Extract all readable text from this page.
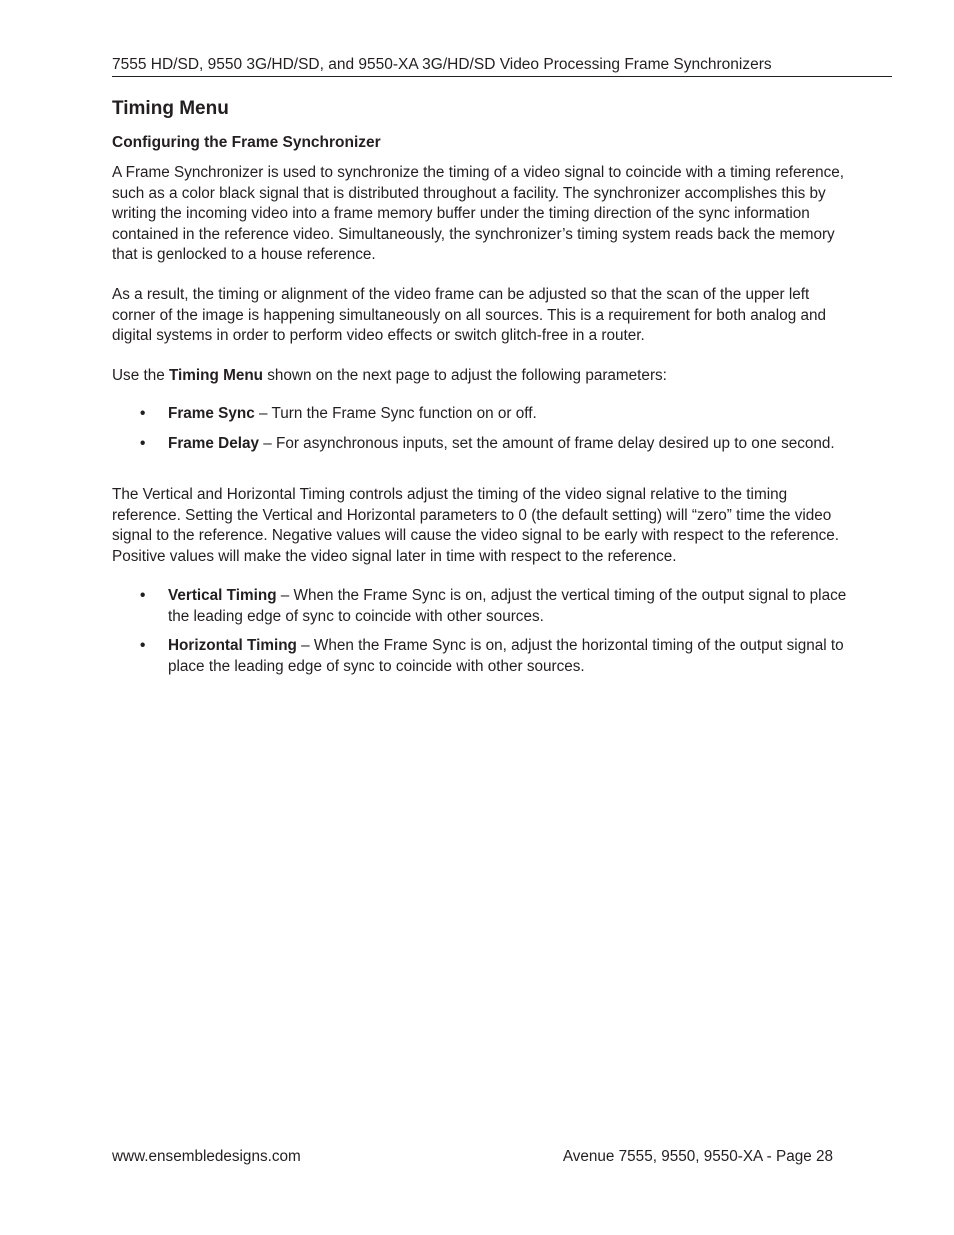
7555 HD/SD, 9550 3G/HD/SD, and 9550-XA 3G/HD/SD Video Processing Frame Synchronizers
Timing Menu
Configuring the Frame Synchronizer

A Frame Synchronizer is used to synchronize the timing of a video signal to coincide with a timing reference, such as a color black signal that is distributed throughout a facility. The synchronizer accomplishes this by writing the incoming video into a frame memory buffer under the timing direction of the sync information contained in the reference video. Simultaneously, the synchronizer’s timing system reads back the memory that is genlocked to a house reference.

As a result, the timing or alignment of the video frame can be adjusted so that the scan of the upper left corner of the image is happening simultaneously on all sources. This is a requirement for both analog and digital systems in order to perform video effects or switch glitch-free in a router.

Use the Timing Menu shown on the next page to adjust the following parameters:

• Frame Sync – Turn the Frame Sync function on or off.
• Frame Delay – For asynchronous inputs, set the amount of frame delay desired up to one second.

The Vertical and Horizontal Timing controls adjust the timing of the video signal relative to the timing reference. Setting the Vertical and Horizontal parameters to 0 (the default setting) will “zero” time the video signal to the reference. Negative values will cause the video signal to be early with respect to the reference. Positive values will make the video signal later in time with respect to the reference.

• Vertical Timing – When the Frame Sync is on, adjust the vertical timing of the output signal to place the leading edge of sync to coincide with other sources.
• Horizontal Timing – When the Frame Sync is on, adjust the horizontal timing of the output signal to place the leading edge of sync to coincide with other sources.
www.ensembledesigns.com	Avenue 7555, 9550, 9550-XA - Page 28
